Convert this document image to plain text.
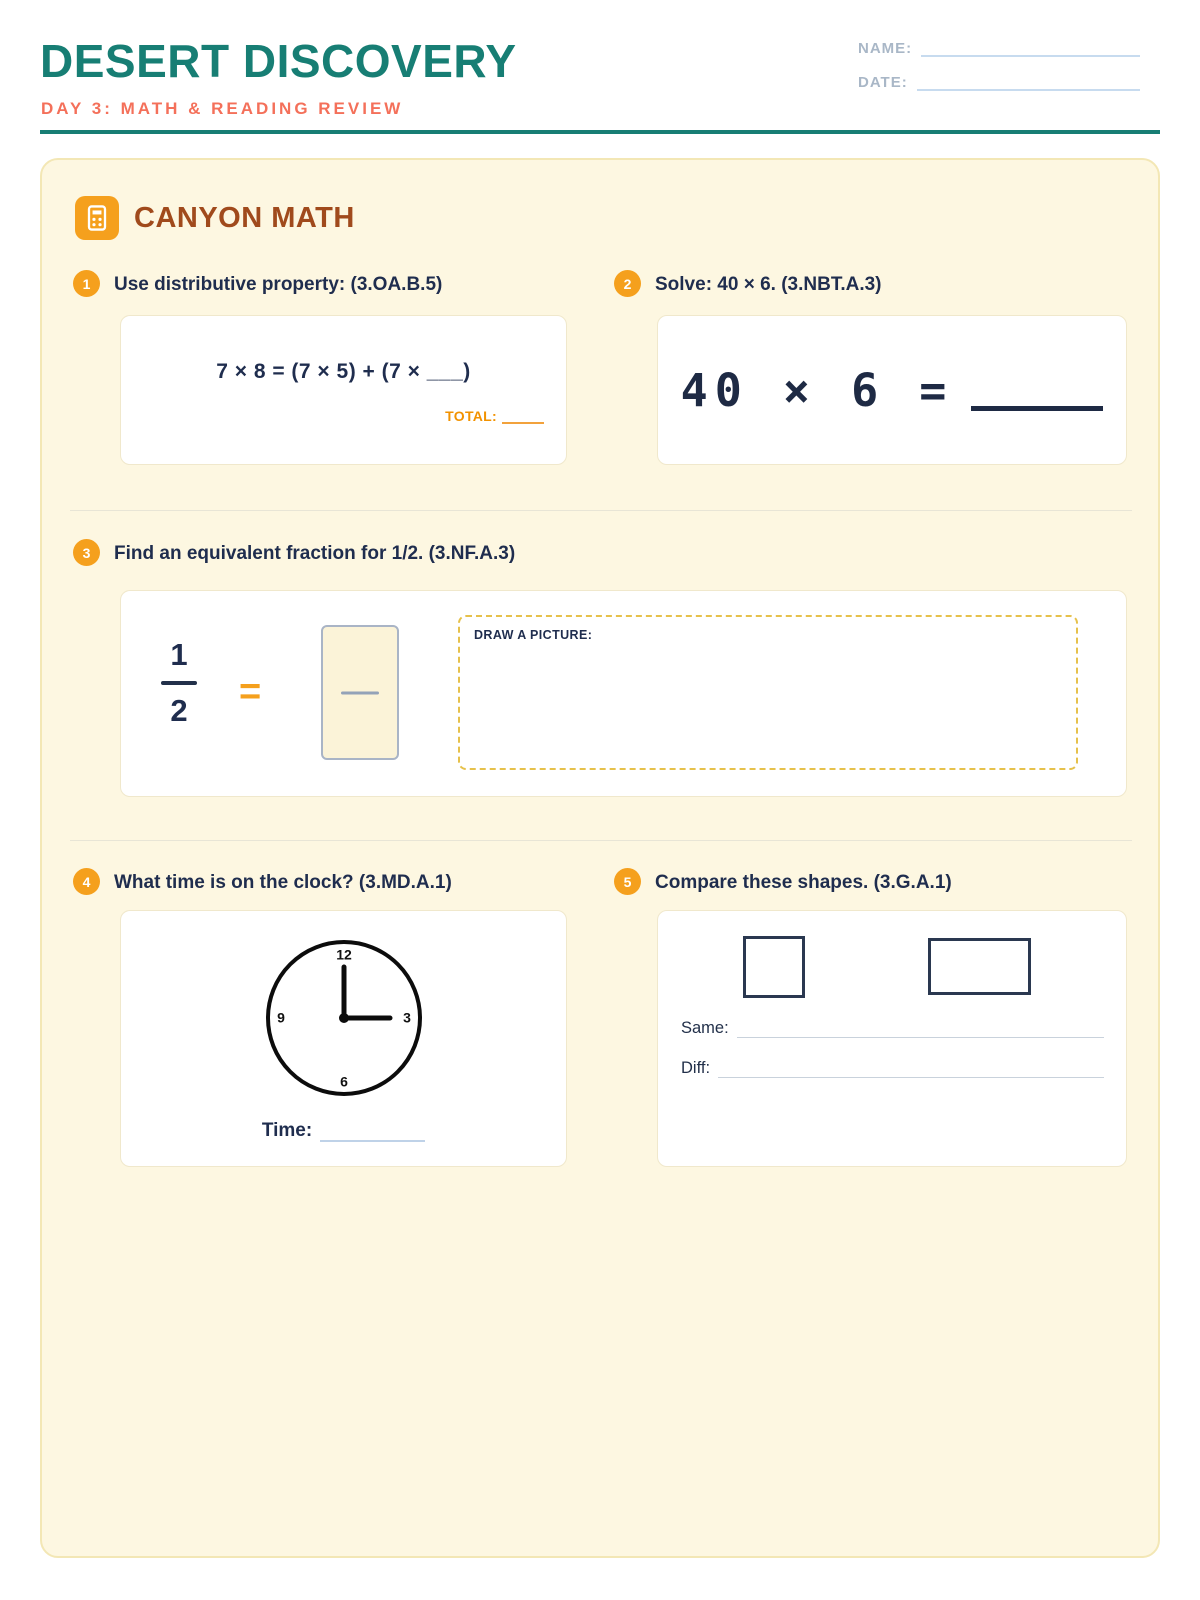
DESERT DISCOVERY
DAY 3: MATH & READING REVIEW
NAME:
DATE:
CANYON MATH
1	Use distributive property: (3.OA.B.5)	2	Solve: 40 × 6. (3.NBT.A.3)
7 × 8 = (7 × 5) + (7 × ___)
TOTAL:	40 × 6 =
3	Find an equivalent fraction for 1/2. (3.NF.A.3)
1
2	=
DRAW A PICTURE:
4	What time is on the clock? (3.MD.A.1)	5	Compare these shapes. (3.G.A.1)
12
3
6
9
Time:
Same:
Diff:
